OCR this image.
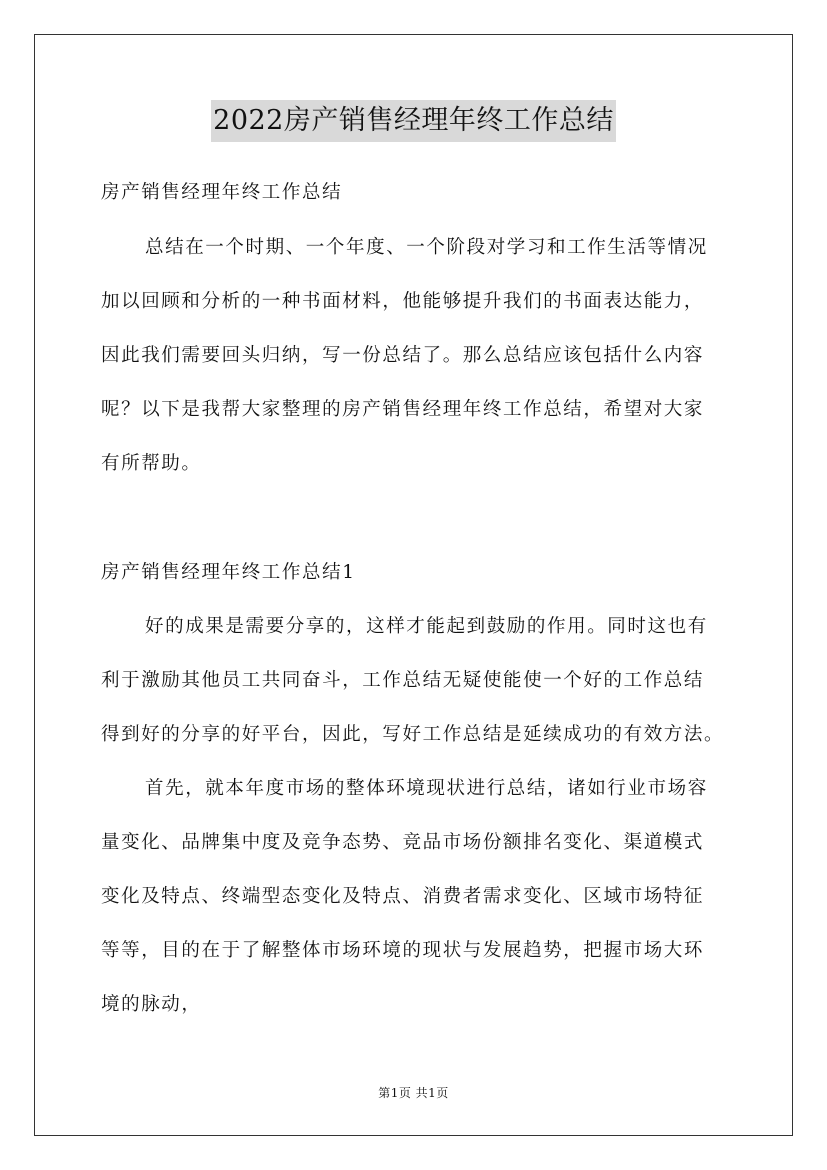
2022房产销售经理年终工作总结
房产销售经理年终工作总结
总结在一个时期、一个年度、一个阶段对学习和工作生活等情况
加以回顾和分析的一种书面材料，他能够提升我们的书面表达能力，
因此我们需要回头归纳，写一份总结了。那么总结应该包括什么内容
呢？以下是我帮大家整理的房产销售经理年终工作总结，希望对大家
有所帮助。
房产销售经理年终工作总结1
好的成果是需要分享的，这样才能起到鼓励的作用。同时这也有
利于激励其他员工共同奋斗，工作总结无疑使能使一个好的工作总结
得到好的分享的好平台，因此，写好工作总结是延续成功的有效方法。
首先，就本年度市场的整体环境现状进行总结，诸如行业市场容
量变化、品牌集中度及竞争态势、竞品市场份额排名变化、渠道模式
变化及特点、终端型态变化及特点、消费者需求变化、区域市场特征
等等，目的在于了解整体市场环境的现状与发展趋势，把握市场大环
境的脉动，
第1页 共1页
